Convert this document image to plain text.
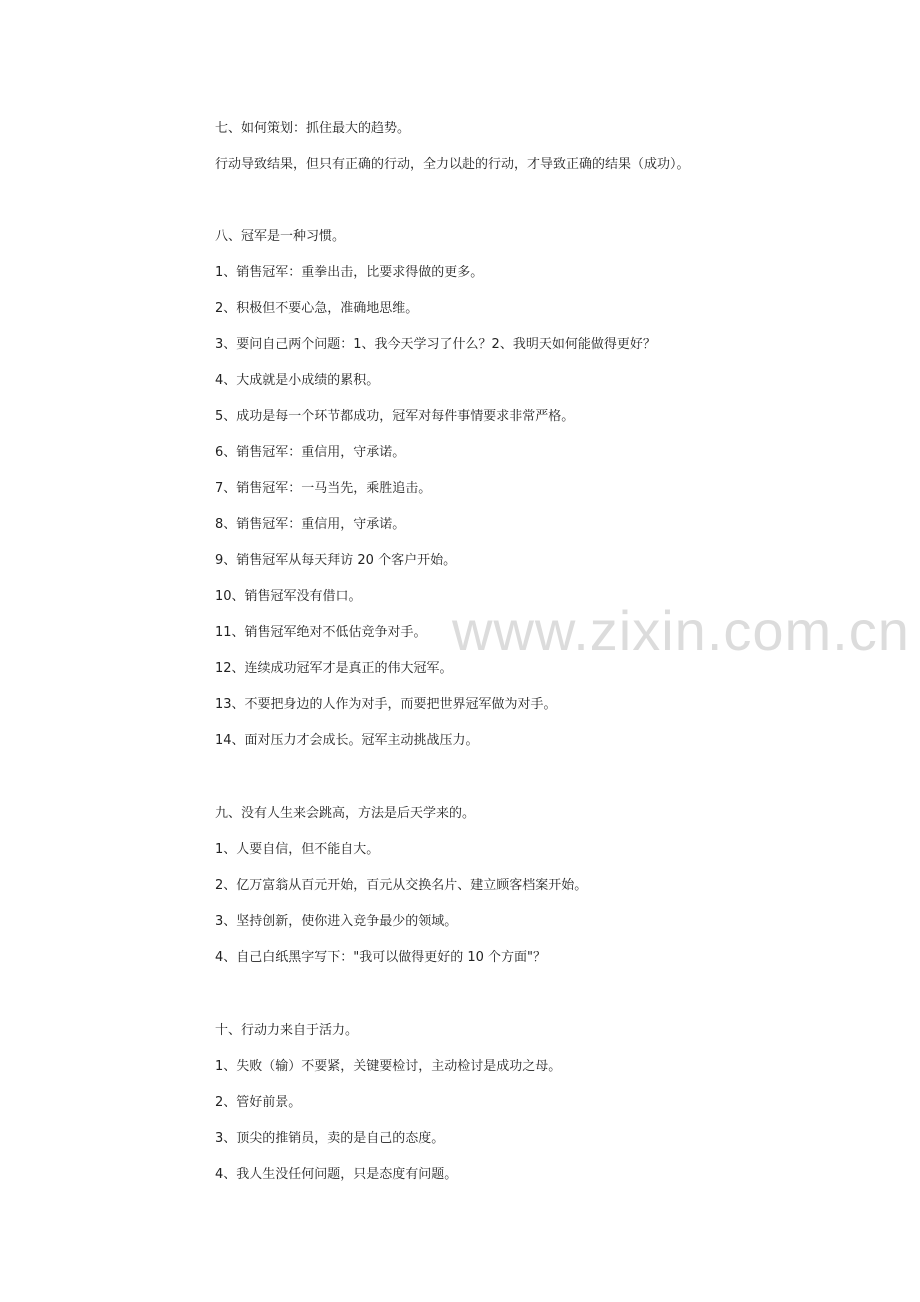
www.zixin.com.cn
七、如何策划：抓住最大的趋势。
行动导致结果，但只有正确的行动，全力以赴的行动，才导致正确的结果（成功）。
八、冠军是一种习惯。
1、销售冠军：重拳出击，比要求得做的更多。
2、积极但不要心急，准确地思维。
3、要问自己两个问题：1、我今天学习了什么？2、我明天如何能做得更好？
4、大成就是小成绩的累积。
5、成功是每一个环节都成功，冠军对每件事情要求非常严格。
6、销售冠军：重信用，守承诺。
7、销售冠军：一马当先，乘胜追击。
8、销售冠军：重信用，守承诺。
9、销售冠军从每天拜访 20 个客户开始。
10、销售冠军没有借口。
11、销售冠军绝对不低估竞争对手。
12、连续成功冠军才是真正的伟大冠军。
13、不要把身边的人作为对手，而要把世界冠军做为对手。
14、面对压力才会成长。冠军主动挑战压力。
九、没有人生来会跳高，方法是后天学来的。
1、人要自信，但不能自大。
2、亿万富翁从百元开始，百元从交换名片、建立顾客档案开始。
3、坚持创新，使你进入竞争最少的领域。
4、自己白纸黑字写下："我可以做得更好的 10 个方面"？
十、行动力来自于活力。
1、失败（输）不要紧，关键要检讨，主动检讨是成功之母。
2、管好前景。
3、顶尖的推销员，卖的是自己的态度。
4、我人生没任何问题，只是态度有问题。
